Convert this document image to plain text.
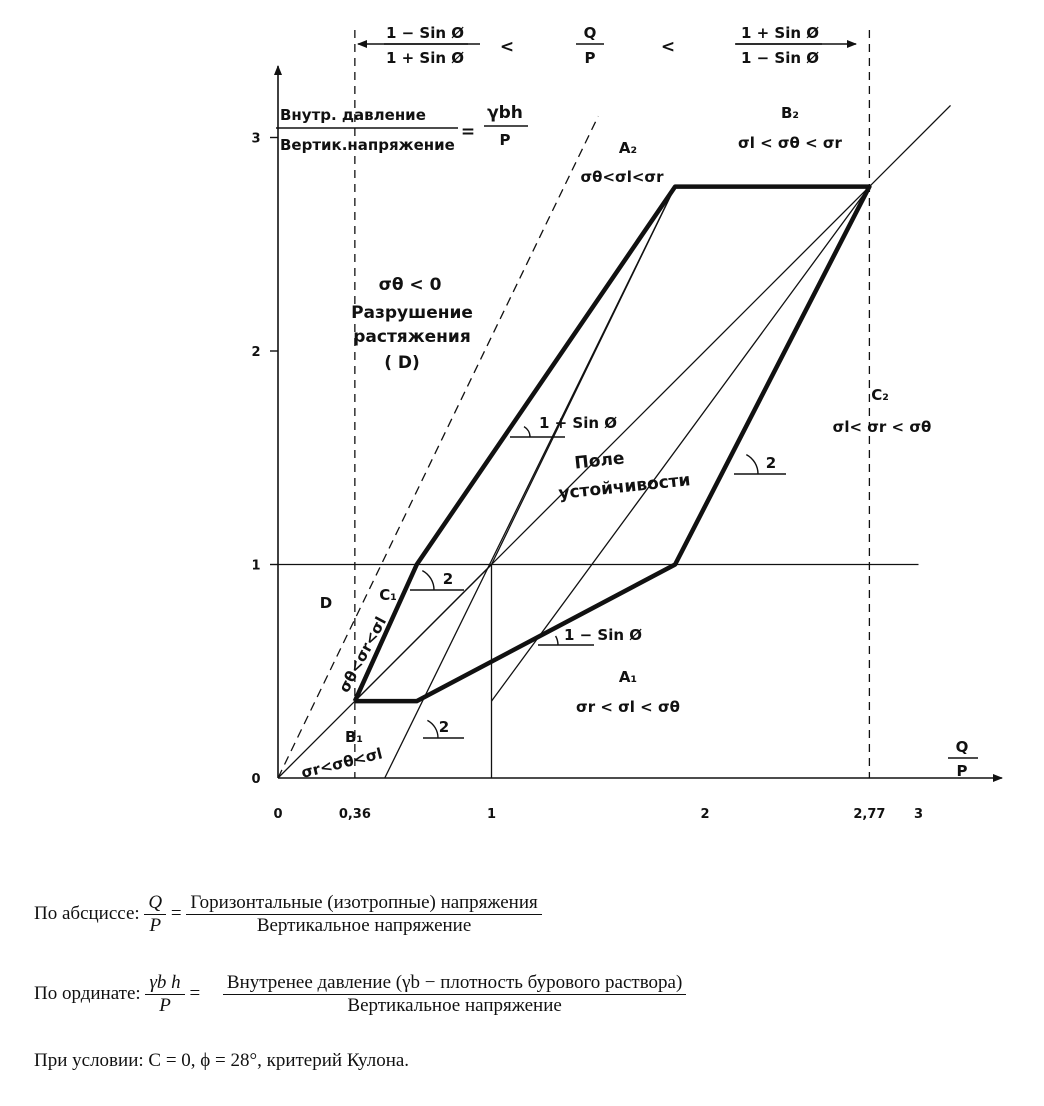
0	0,36	1	2	2,77 3
0
1
2
3
Q
P
Внутр. давление
Вертик.напряжение
=
γbh
P
1 − Sin Ø
1 + Sin Ø
<
Q
P
<
1 + Sin Ø
1 − Sin Ø
A₂
σθ<σl<σr
B₂
σl < σθ < σr
C₂
σl< σr < σθ
A₁
σr < σl < σθ
B₁
σr<σθ<σl
C₁
D
σθ<σr<σl
σθ < 0
Разрушение
растяжения
( D)
Поле
устойчивости
1 + Sin Ø
1 − Sin Ø
2
2
2
По абсциссе: $\frac{Q}{P} = \frac{\text{Горизонтальные (изотропные) напряжения}}{\text{Вертикальное напряжение}}$
По ординате: $\frac{\text{γb h}}{P} = \frac{\text{Внутренее давление (γb − плотность бурового раствора)}}{\text{Вертикальное напряжение}}$
При условии: C = 0, ϕ = 28°, критерий Кулона.
